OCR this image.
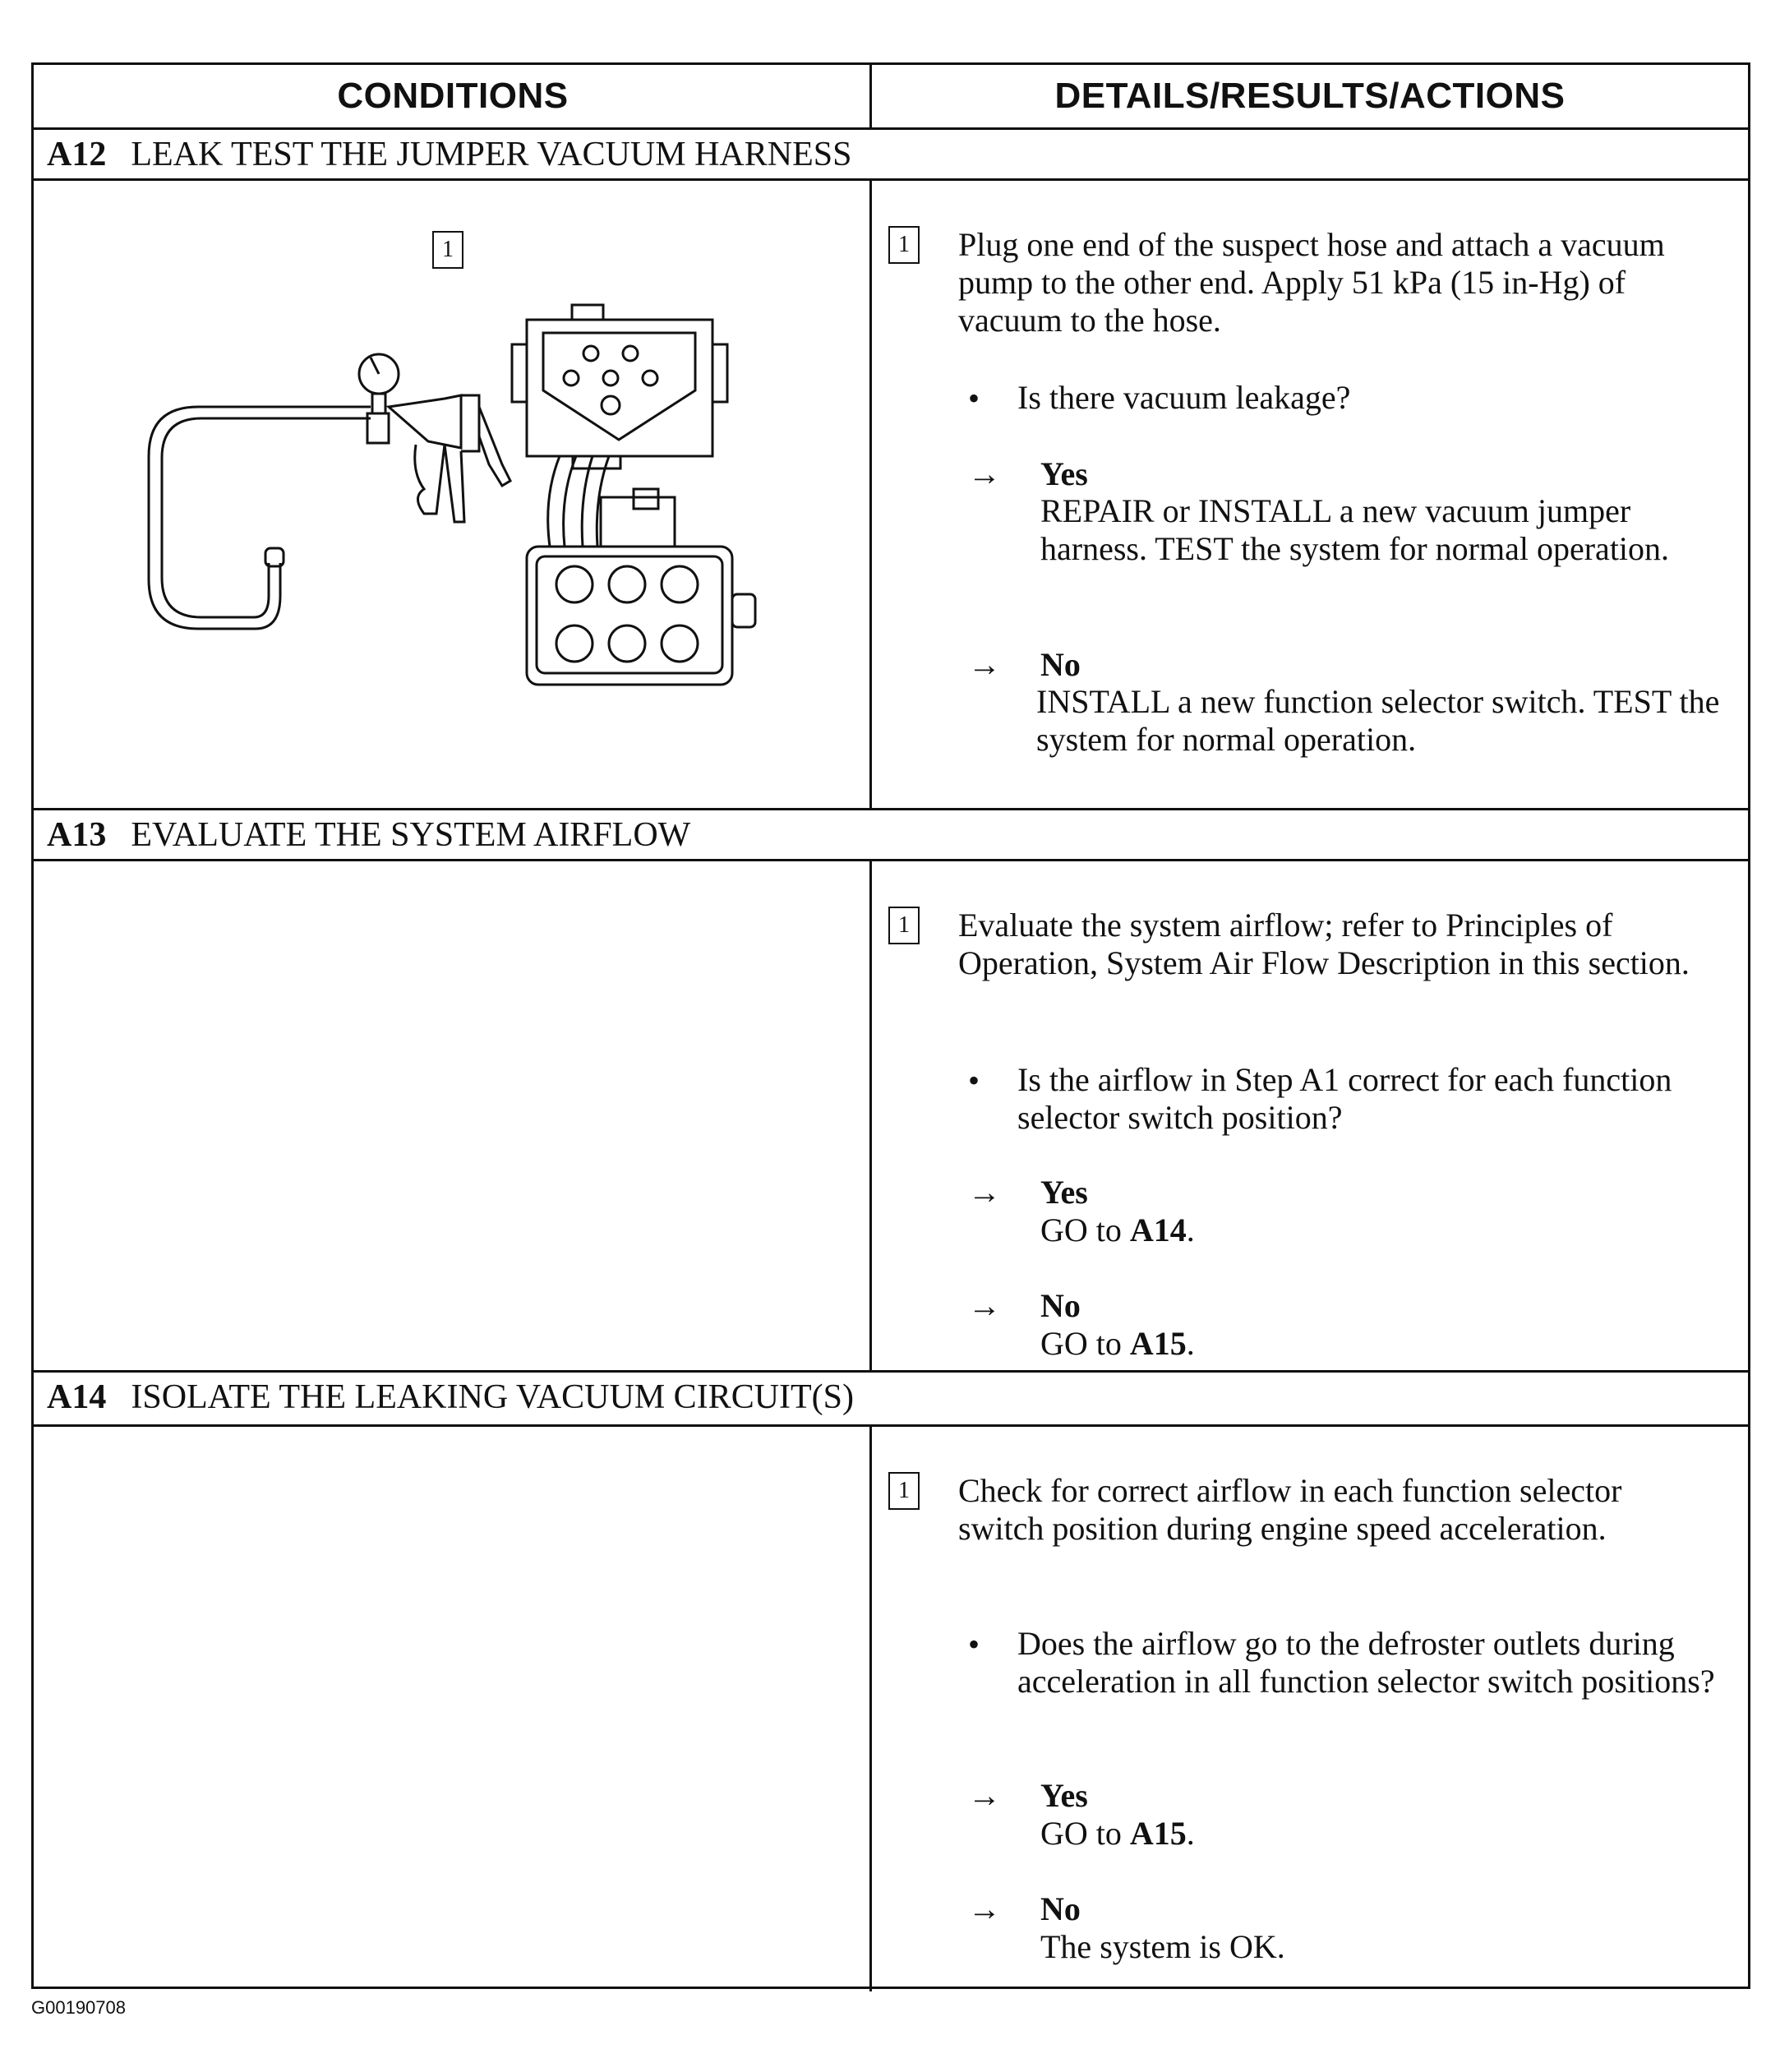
CONDITIONS	DETAILS/RESULTS/ACTIONS
A12 LEAK TEST THE JUMPER VACUUM HARNESS
1	1	Plug one end of the suspect hose and attach a vacuum pump to the other end. Apply 51 kPa (15 in-Hg) of vacuum to the hose.
• Is there vacuum leakage?
→ Yes
REPAIR or INSTALL a new vacuum jumper harness. TEST the system for normal operation.
→ No
INSTALL a new function selector switch. TEST the system for normal operation.
A13 EVALUATE THE SYSTEM AIRFLOW
1	Evaluate the system airflow; refer to Principles of Operation, System Air Flow Description in this section.
• Is the airflow in Step A1 correct for each function selector switch position?
→ Yes
GO to A14.
→ No
GO to A15.
A14 ISOLATE THE LEAKING VACUUM CIRCUIT(S)
1	Check for correct airflow in each function selector switch position during engine speed acceleration.
• Does the airflow go to the defroster outlets during acceleration in all function selector switch positions?
→ Yes
GO to A15.
→ No
The system is OK.
G00190708
